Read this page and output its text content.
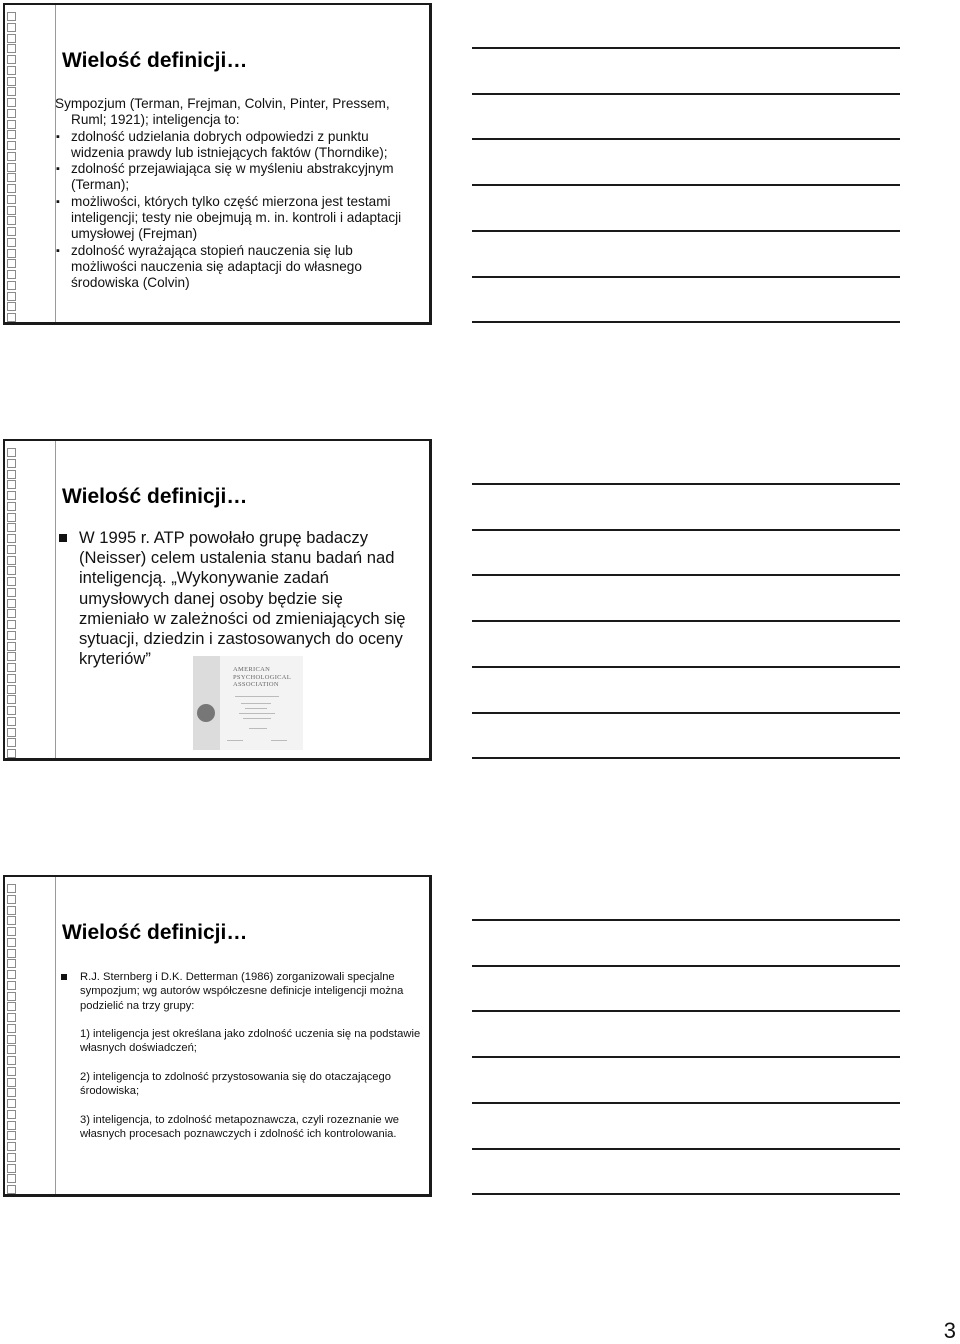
Wielość definicji…

Sympozjum (Terman, Frejman, Colvin, Pinter, Pressem, Ruml; 1921); inteligencja to:

▪ zdolność udzielania dobrych odpowiedzi z punktu widzenia prawdy lub istniejących faktów (Thorndike);

▪ zdolność przejawiająca się w myśleniu abstrakcyjnym (Terman);

▪ możliwości, których tylko część mierzona jest testami inteligencji; testy nie obejmują m. in. kontroli i adaptacji umysłowej (Frejman)

▪ zdolność wyrażająca stopień nauczenia się lub możliwości nauczenia się adaptacji do własnego środowiska (Colvin)

Wielość definicji…

W 1995 r. ATP powołało grupę badaczy (Neisser) celem ustalenia stanu badań nad inteligencją. „Wykonywanie zadań umysłowych danej osoby będzie się zmieniało w zależności od zmieniających się sytuacji, dziedzin i zastosowanych do oceny kryteriów”

AMERICAN
PSYCHOLOGICAL
ASSOCIATION
Wielość definicji…

R.J. Sternberg i D.K. Detterman (1986) zorganizowali specjalne sympozjum; wg autorów współczesne definicje inteligencji można podzielić na trzy grupy:

1) inteligencja jest określana jako zdolność uczenia się na podstawie własnych doświadczeń;

2) inteligencja to zdolność przystosowania się do otaczającego środowiska;

3) inteligencja, to zdolność metapoznawcza, czyli rozeznanie we własnych procesach poznawczych i zdolność ich kontrolowania.

3
